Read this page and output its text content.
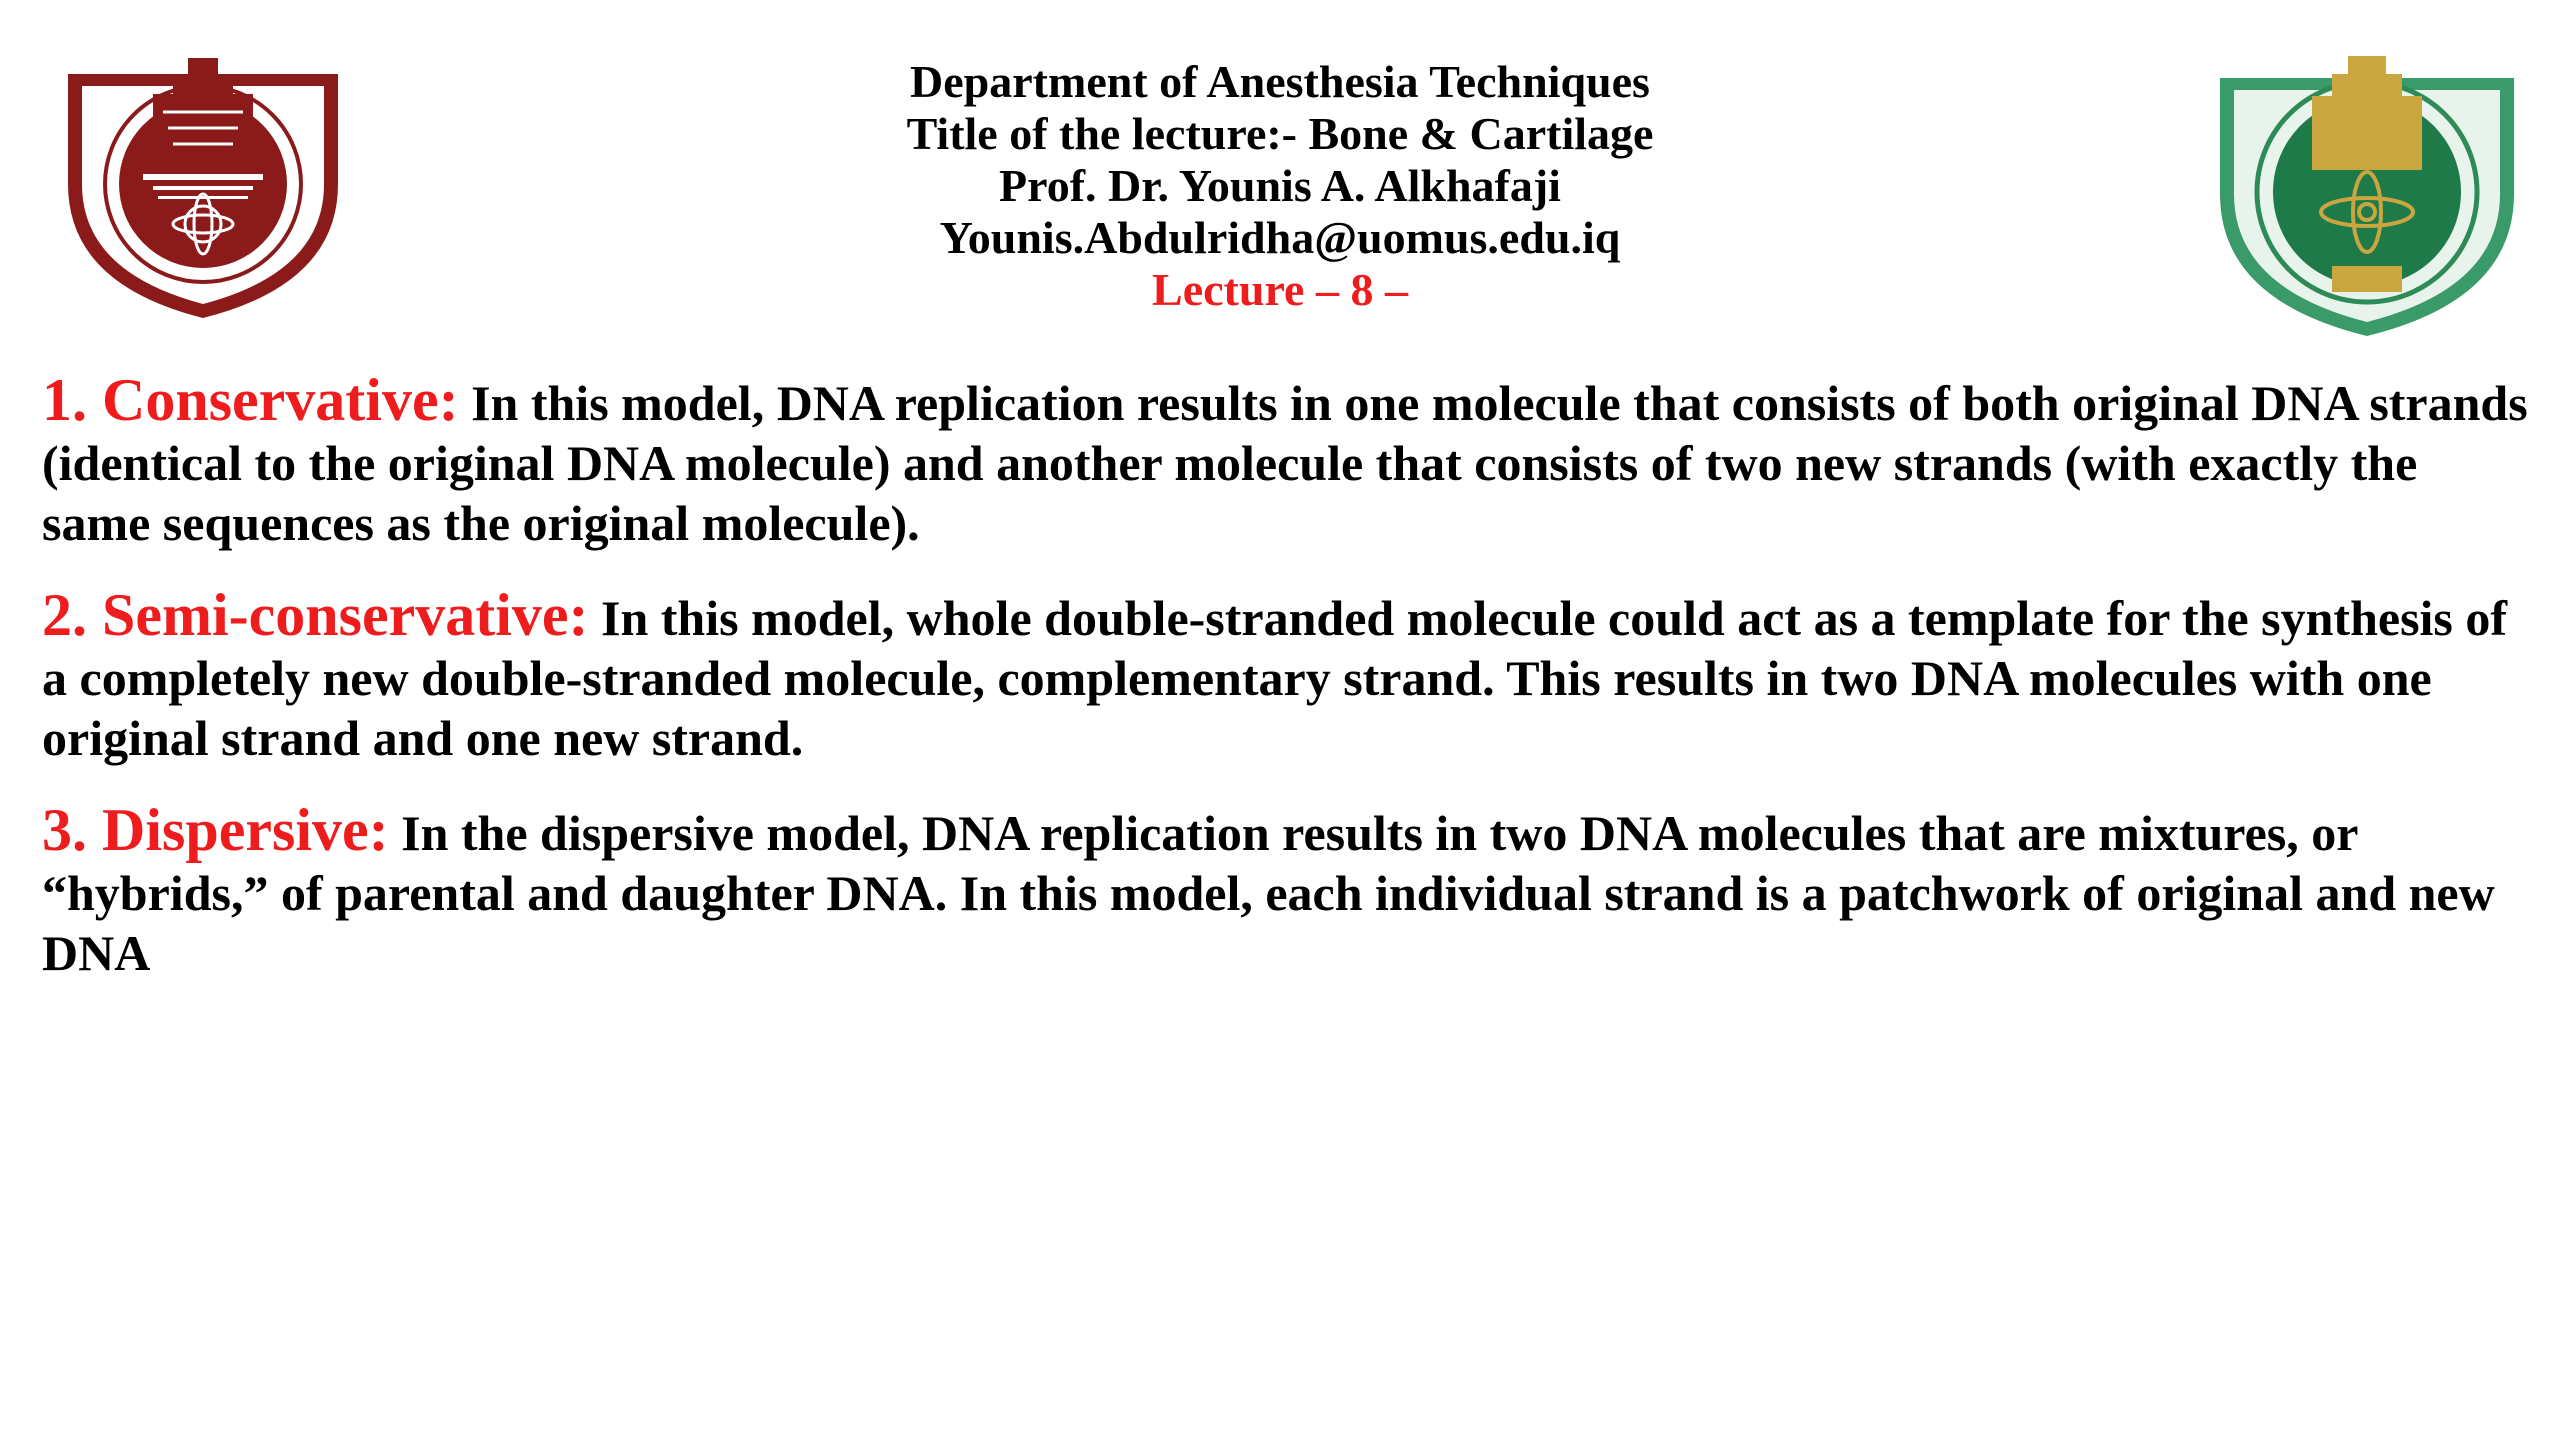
Department of Anesthesia Techniques
Title of the lecture:- Bone & Cartilage
Prof. Dr. Younis A. Alkhafaji
Younis.Abdulridha@uomus.edu.iq
Lecture – 8 –

1. Conservative: In this model, DNA replication results in one molecule that consists of both original DNA strands (identical to the original DNA molecule) and another molecule that consists of two new strands (with exactly the same sequences as the original molecule).

2. Semi-conservative: In this model, whole double-stranded molecule could act as a template for the synthesis of a completely new double-stranded molecule, complementary strand. This results in two DNA molecules with one original strand and one new strand.

3. Dispersive: In the dispersive model, DNA replication results in two DNA molecules that are mixtures, or “hybrids,” of parental and daughter DNA. In this model, each individual strand is a patchwork of original and new DNA
